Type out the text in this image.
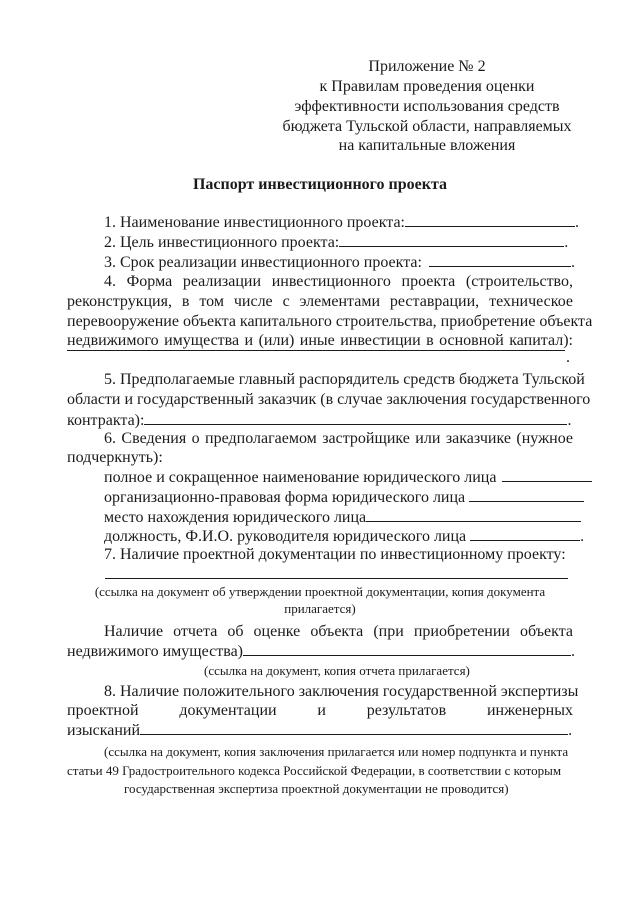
Приложение № 2
к Правилам проведения оценки
эффективности использования средств
бюджета Тульской области, направляемых
на капитальные вложения
Паспорт инвестиционного проекта
1. Наименование инвестиционного проекта:	.
2. Цель инвестиционного проекта:	.
3. Срок реализации инвестиционного проекта:	.
4. Форма реализации инвестиционного проекта (строительство,
реконструкция, в том числе с элементами реставрации, техническое
перевооружение объекта капитального строительства, приобретение объекта
недвижимого имущества и (или) иные инвестиции в основной капитал):
.
5. Предполагаемые главный распорядитель средств бюджета Тульской
области и государственный заказчик (в случае заключения государственного
контракта):	.
6. Сведения о предполагаемом застройщике или заказчике (нужное
подчеркнуть):
полное и сокращенное наименование юридического лица
организационно-правовая форма юридического лица
место нахождения юридического лица
должность, Ф.И.О. руководителя юридического лица	.
7. Наличие проектной документации по инвестиционному проекту:
(ссылка на документ об утверждении проектной документации, копия документа
прилагается)
Наличие отчета об оценке объекта (при приобретении объекта
недвижимого имущества)	.
(ссылка на документ, копия отчета прилагается)
8. Наличие положительного заключения государственной экспертизы
проектной документации и результатов инженерных
изысканий	.
(ссылка на документ, копия заключения прилагается или номер подпункта и пункта
статьи 49 Градостроительного кодекса Российской Федерации, в соответствии с которым
государственная экспертиза проектной документации не проводится)
